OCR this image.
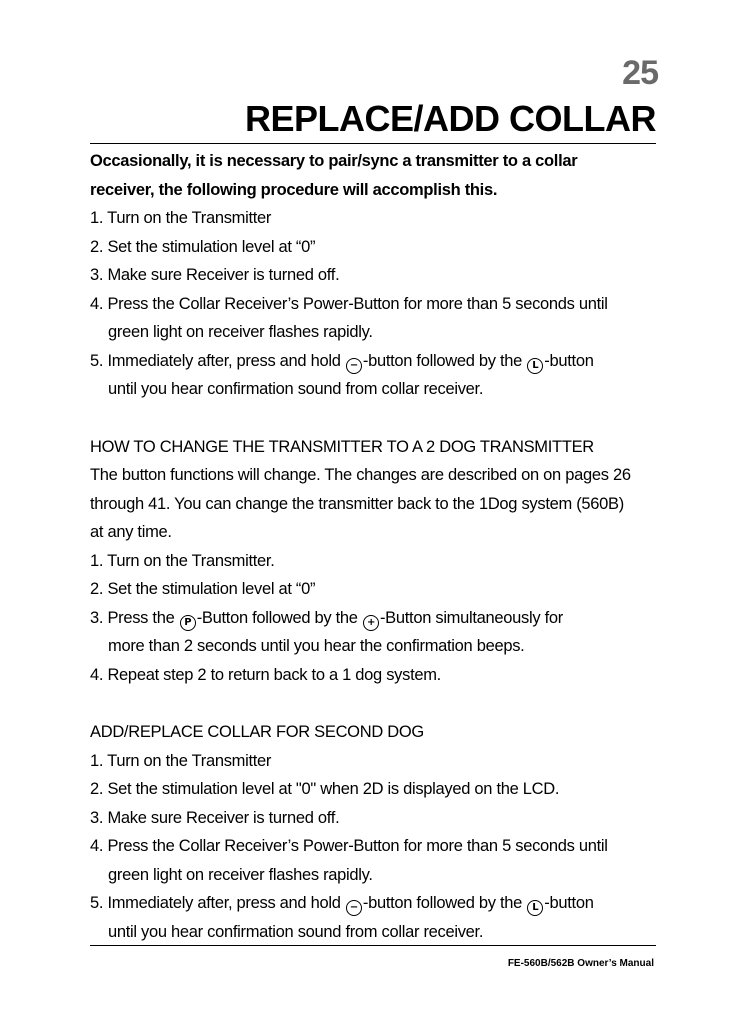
25
REPLACE/ADD COLLAR
Occasionally, it is necessary to pair/sync a transmitter to a collar
receiver, the following procedure will accomplish this.
1. Turn on the Transmitter
2. Set the stimulation level at “0”
3. Make sure Receiver is turned off.
4. Press the Collar Receiver’s Power-Button for more than 5 seconds until
green light on receiver flashes rapidly.
5. Immediately after, press and hold − -button followed by the L -button
until you hear confirmation sound from collar receiver.
HOW TO CHANGE THE TRANSMITTER TO A 2 DOG TRANSMITTER
The button functions will change. The changes are described on on pages 26
through 41. You can change the transmitter back to the 1Dog system (560B)
at any time.
1. Turn on the Transmitter.
2. Set the stimulation level at “0”
3. Press the P -Button followed by the + -Button simultaneously for
more than 2 seconds until you hear the confirmation beeps.
4. Repeat step 2 to return back to a 1 dog system.
ADD/REPLACE COLLAR FOR SECOND DOG
1. Turn on the Transmitter
2. Set the stimulation level at "0" when 2D is displayed on the LCD.
3. Make sure Receiver is turned off.
4. Press the Collar Receiver’s Power-Button for more than 5 seconds until
green light on receiver flashes rapidly.
5. Immediately after, press and hold − -button followed by the L -button
until you hear confirmation sound from collar receiver.
FE-560B/562B Owner’s Manual
